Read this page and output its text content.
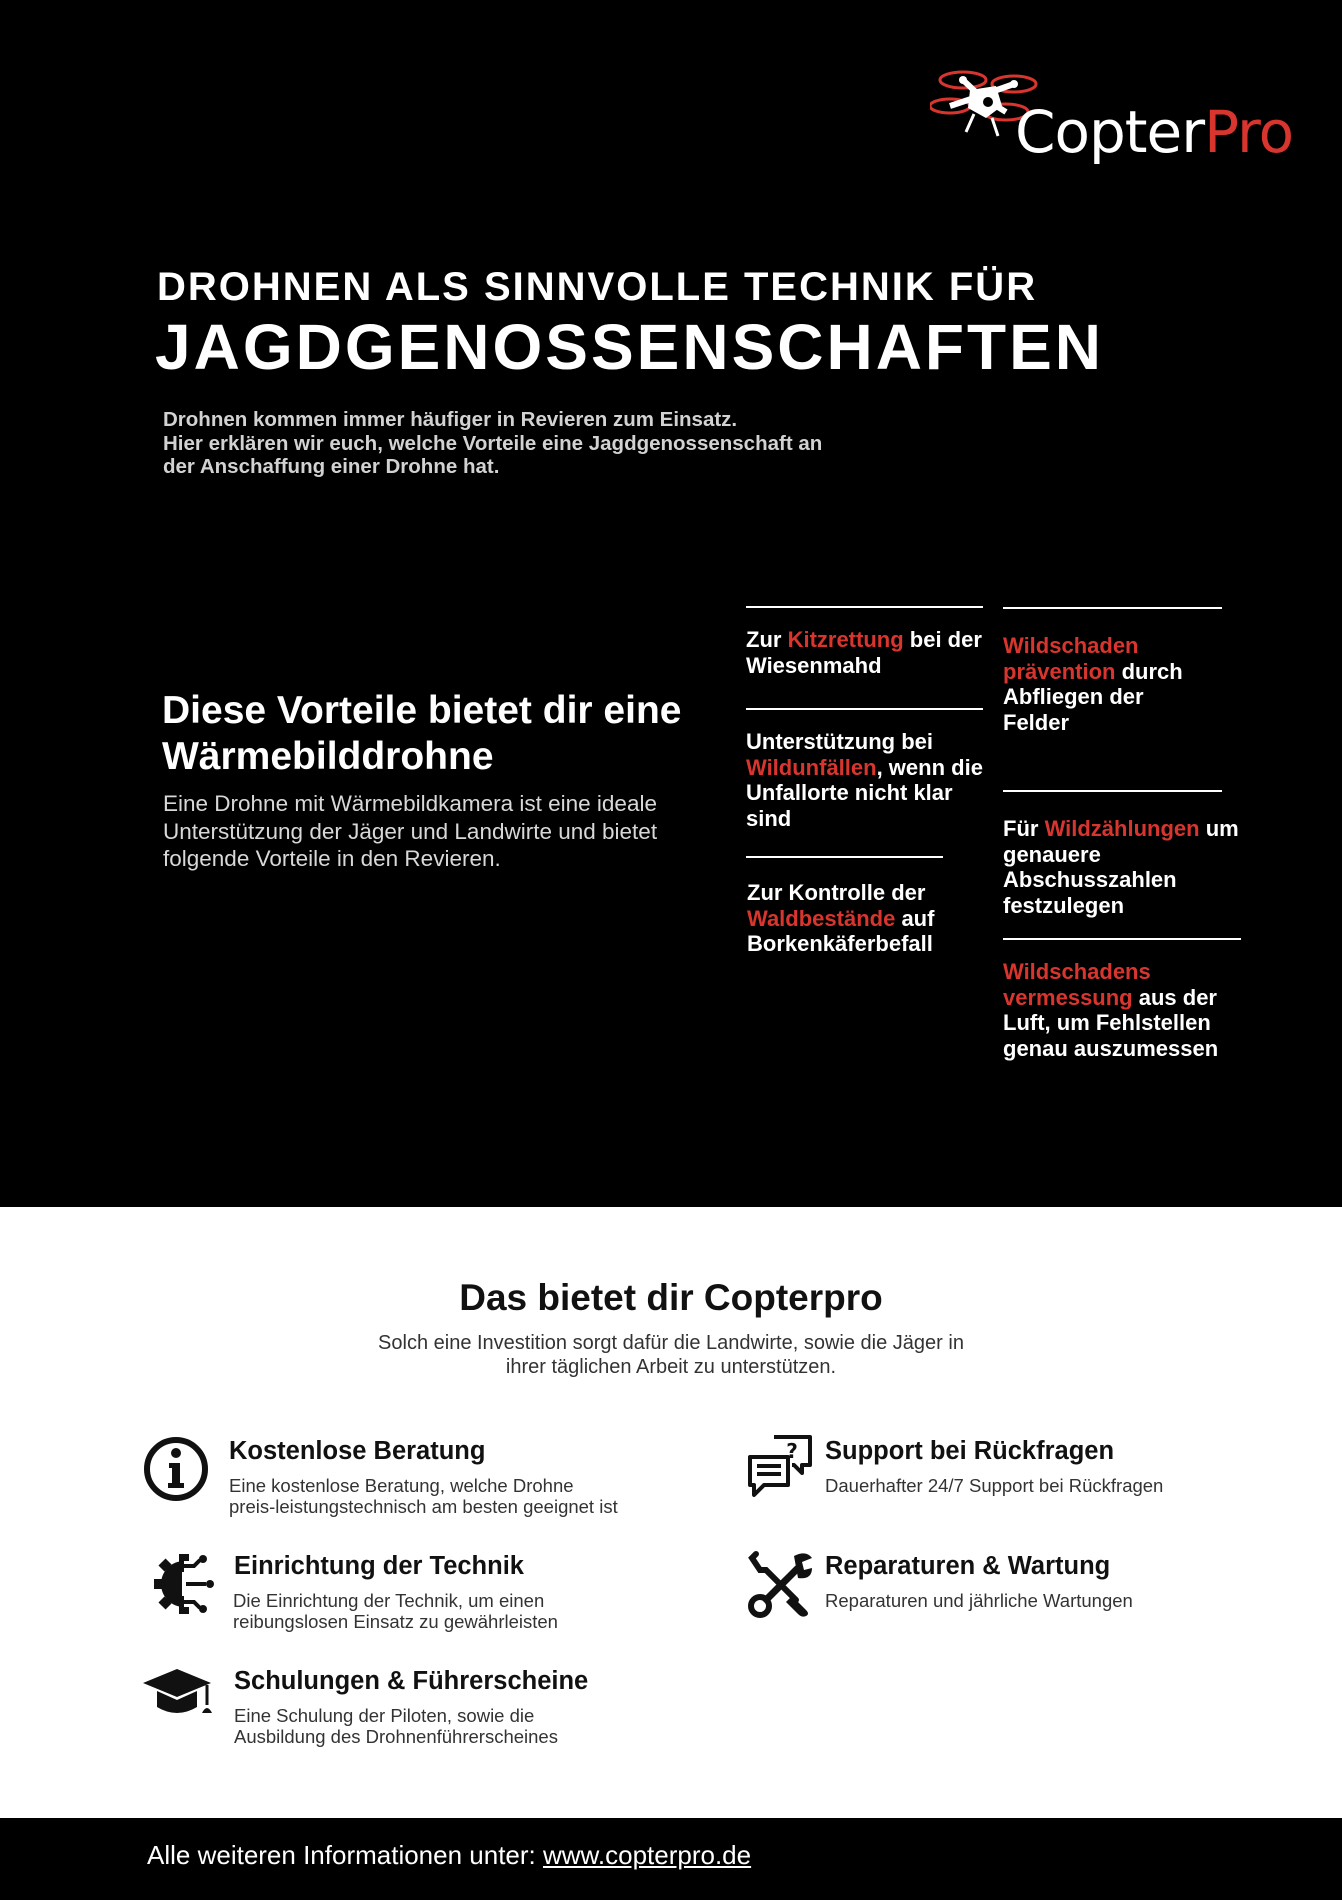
CopterPro
DROHNEN ALS SINNVOLLE TECHNIK FÜR
JAGDGENOSSENSCHAFTEN
Drohnen kommen immer häufiger in Revieren zum Einsatz.
Hier erklären wir euch, welche Vorteile eine Jagdgenossenschaft an
der Anschaffung einer Drohne hat.
Diese Vorteile bietet dir eine Wärmebilddrohne
Eine Drohne mit Wärmebildkamera ist eine ideale Unterstützung der Jäger und Landwirte und bietet folgende Vorteile in den Revieren.
Zur Kitzrettung bei der Wiesenmahd
Unterstützung bei Wildunfällen, wenn die Unfallorte nicht klar sind
Zur Kontrolle der Waldbestände auf Borkenkäferbefall
Wildschaden prävention durch Abfliegen der Felder
Für Wildzählungen um genauere Abschusszahlen festzulegen
Wildschadens vermessung aus der Luft, um Fehlstellen genau auszumessen
Das bietet dir Copterpro
Solch eine Investition sorgt dafür die Landwirte, sowie die Jäger in ihrer täglichen Arbeit zu unterstützen.
Kostenlose Beratung
Eine kostenlose Beratung, welche Drohne
preis-leistungstechnisch am besten geeignet ist
? Support bei Rückfragen
Dauerhafter 24/7 Support bei Rückfragen
Einrichtung der Technik
Die Einrichtung der Technik, um einen
reibungslosen Einsatz zu gewährleisten
Reparaturen & Wartung
Reparaturen und jährliche Wartungen
Schulungen & Führerscheine
Eine Schulung der Piloten, sowie die
Ausbildung des Drohnenführerscheines
Alle weiteren Informationen unter: www.copterpro.de
